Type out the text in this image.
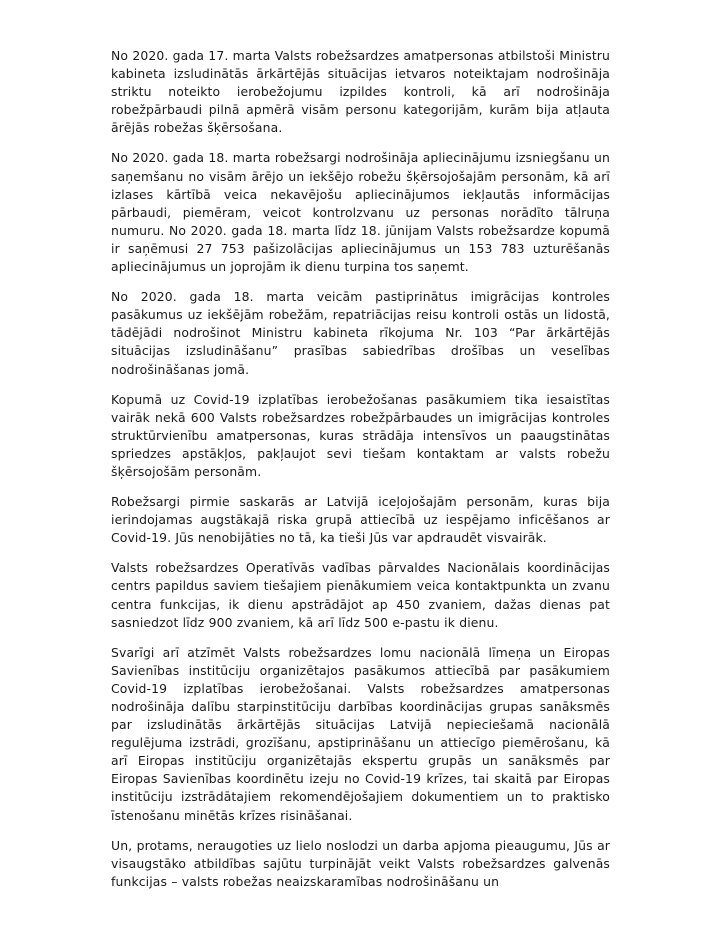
No 2020. gada 17. marta Valsts robežsardzes amatpersonas atbilstoši Ministru kabineta izsludinātās ārkārtējās situācijas ietvaros noteiktajam nodrošināja striktu noteikto ierobežojumu izpildes kontroli, kā arī nodrošināja robežpārbaudi pilnā apmērā visām personu kategorijām, kurām bija atļauta ārējās robežas šķērsošana.

No 2020. gada 18. marta robežsargi nodrošināja apliecinājumu izsniegšanu un saņemšanu no visām ārējo un iekšējo robežu šķērsojošajām personām, kā arī izlases kārtībā veica nekavējošu apliecinājumos iekļautās informācijas pārbaudi, piemēram, veicot kontrolzvanu uz personas norādīto tālruņa numuru. No 2020. gada 18. marta līdz 18. jūnijam Valsts robežsardze kopumā ir saņēmusi 27 753 pašizolācijas apliecinājumus un 153 783 uzturēšanās apliecinājumus un joprojām ik dienu turpina tos saņemt.

No 2020. gada 18. marta veicām pastiprinātus imigrācijas kontroles pasākumus uz iekšējām robežām, repatriācijas reisu kontroli ostās un lidostā, tādējādi nodrošinot Ministru kabineta rīkojuma Nr. 103 “Par ārkārtējās situācijas izsludināšanu” prasības sabiedrības drošības un veselības nodrošināšanas jomā.

Kopumā uz Covid-19 izplatības ierobežošanas pasākumiem tika iesaistītas vairāk nekā 600 Valsts robežsardzes robežpārbaudes un imigrācijas kontroles struktūrvienību amatpersonas, kuras strādāja intensīvos un paaugstinātas spriedzes apstākļos, pakļaujot sevi tiešam kontaktam ar valsts robežu šķērsojošām personām.

Robežsargi pirmie saskarās ar Latvijā iceļojošajām personām, kuras bija ierindojamas augstākajā riska grupā attiecībā uz iespējamo inficēšanos ar Covid-19. Jūs nenobijāties no tā, ka tieši Jūs var apdraudēt visvairāk.

Valsts robežsardzes Operatīvās vadības pārvaldes Nacionālais koordinācijas centrs papildus saviem tiešajiem pienākumiem veica kontaktpunkta un zvanu centra funkcijas, ik dienu apstrādājot ap 450 zvaniem, dažas dienas pat sasniedzot līdz 900 zvaniem, kā arī līdz 500 e-pastu ik dienu.

Svarīgi arī atzīmēt Valsts robežsardzes lomu nacionālā līmeņa un Eiropas Savienības institūciju organizētajos pasākumos attiecībā par pasākumiem Covid-19 izplatības ierobežošanai. Valsts robežsardzes amatpersonas nodrošināja dalību starpinstitūciju darbības koordinācijas grupas sanāksmēs par izsludinātās ārkārtējās situācijas Latvijā nepieciešamā nacionālā regulējuma izstrādi, grozīšanu, apstiprināšanu un attiecīgo piemērošanu, kā arī Eiropas institūciju organizētajās ekspertu grupās un sanāksmēs par Eiropas Savienības koordinētu izeju no Covid-19 krīzes, tai skaitā par Eiropas institūciju izstrādātajiem rekomendējošajiem dokumentiem un to praktisko īstenošanu minētās krīzes risināšanai.

Un, protams, neraugoties uz lielo noslodzi un darba apjoma pieaugumu, Jūs ar visaugstāko atbildības sajūtu turpinājāt veikt Valsts robežsardzes galvenās funkcijas – valsts robežas neaizskaramības nodrošināšanu un
